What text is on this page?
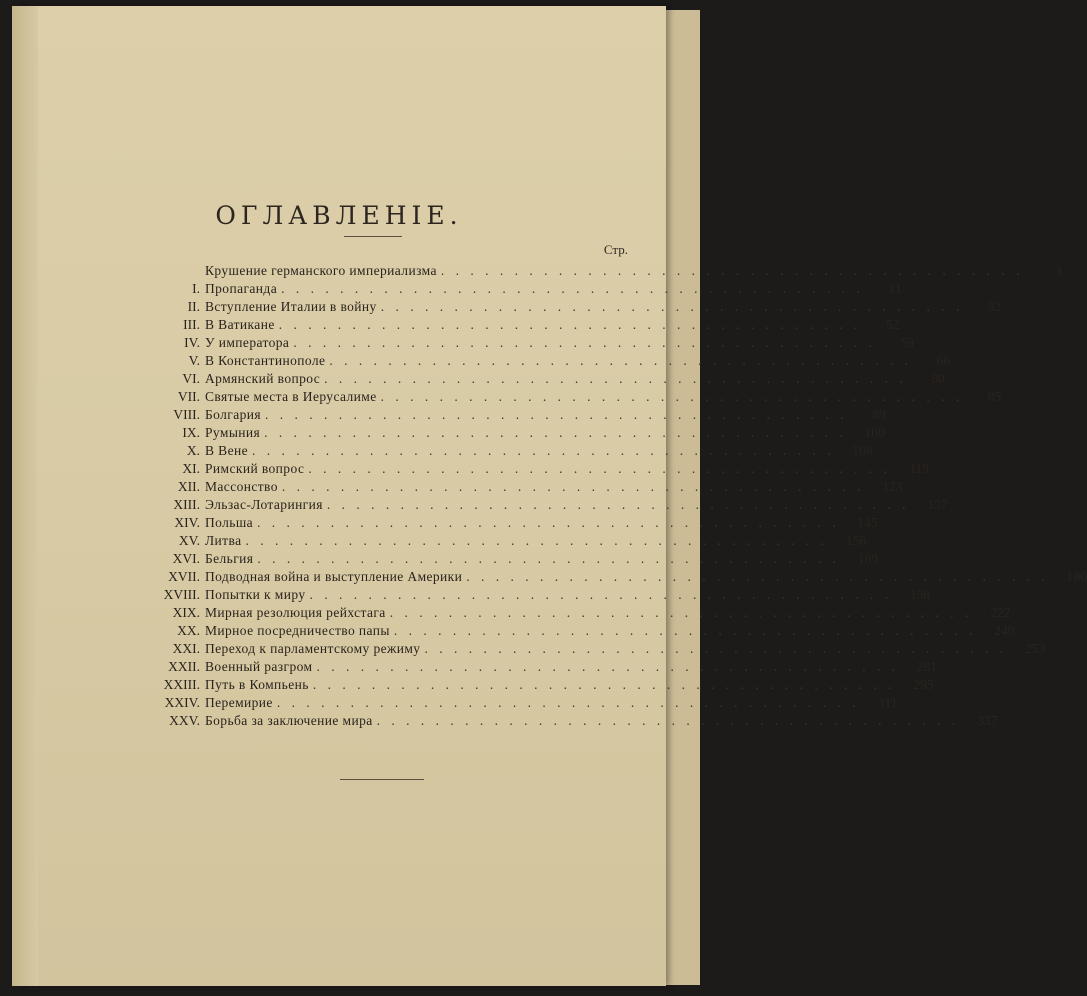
ОГЛАВЛЕНІЕ.
Стр.
Крушение германского империализма . . . . . . . . . . . . . . . . . . . . . . . . . . . . . . . . . . . . . . . .	3
I. Пропаганда . . . . . . . . . . . . . . . . . . . . . . . . . . . . . . . . . . . . . . . .	11
II. Вступление Италии в войну . . . . . . . . . . . . . . . . . . . . . . . . . . . . . . . . . . . . . . . .	32
III. В Ватикане . . . . . . . . . . . . . . . . . . . . . . . . . . . . . . . . . . . . . . . .	52
IV. У императора . . . . . . . . . . . . . . . . . . . . . . . . . . . . . . . . . . . . . . . .	59
V. В Константинополе . . . . . . . . . . . . . . . . . . . . . . . . . . . . . . . . . . . . . . . .	66
VI. Армянский вопрос . . . . . . . . . . . . . . . . . . . . . . . . . . . . . . . . . . . . . . . .	80
VII. Святые места в Иерусалиме . . . . . . . . . . . . . . . . . . . . . . . . . . . . . . . . . . . . . . . .	85
VIII. Болгария . . . . . . . . . . . . . . . . . . . . . . . . . . . . . . . . . . . . . . . .	89
IX. Румыния . . . . . . . . . . . . . . . . . . . . . . . . . . . . . . . . . . . . . . . .	100
X. В Вене . . . . . . . . . . . . . . . . . . . . . . . . . . . . . . . . . . . . . . . .	108
XI. Римский вопрос . . . . . . . . . . . . . . . . . . . . . . . . . . . . . . . . . . . . . . . .	119
XII. Массонство . . . . . . . . . . . . . . . . . . . . . . . . . . . . . . . . . . . . . . . .	123
XIII. Эльзас-Лотарингия . . . . . . . . . . . . . . . . . . . . . . . . . . . . . . . . . . . . . . . .	137
XIV. Польша . . . . . . . . . . . . . . . . . . . . . . . . . . . . . . . . . . . . . . . .	145
XV. Литва . . . . . . . . . . . . . . . . . . . . . . . . . . . . . . . . . . . . . . . .	156
XVI. Бельгия . . . . . . . . . . . . . . . . . . . . . . . . . . . . . . . . . . . . . . . .	169
XVII. Подводная война и выступление Америки . . . . . . . . . . . . . . . . . . . . . . . . . . . . . . . . . . . . . . . .	180
XVIII. Попытки к миру . . . . . . . . . . . . . . . . . . . . . . . . . . . . . . . . . . . . . . . .	198
XIX. Мирная резолюция рейхстага . . . . . . . . . . . . . . . . . . . . . . . . . . . . . . . . . . . . . . . .	222
XX. Мирное посредничество папы . . . . . . . . . . . . . . . . . . . . . . . . . . . . . . . . . . . . . . . .	240
XXI. Переход к парламентскому режиму . . . . . . . . . . . . . . . . . . . . . . . . . . . . . . . . . . . . . . . .	253
XXII. Военный разгром . . . . . . . . . . . . . . . . . . . . . . . . . . . . . . . . . . . . . . . .	281
XXIII. Путь в Компьень . . . . . . . . . . . . . . . . . . . . . . . . . . . . . . . . . . . . . . . .	295
XXIV. Перемирие . . . . . . . . . . . . . . . . . . . . . . . . . . . . . . . . . . . . . . . .	311
XXV. Борьба за заключение мира . . . . . . . . . . . . . . . . . . . . . . . . . . . . . . . . . . . . . . . .	337
